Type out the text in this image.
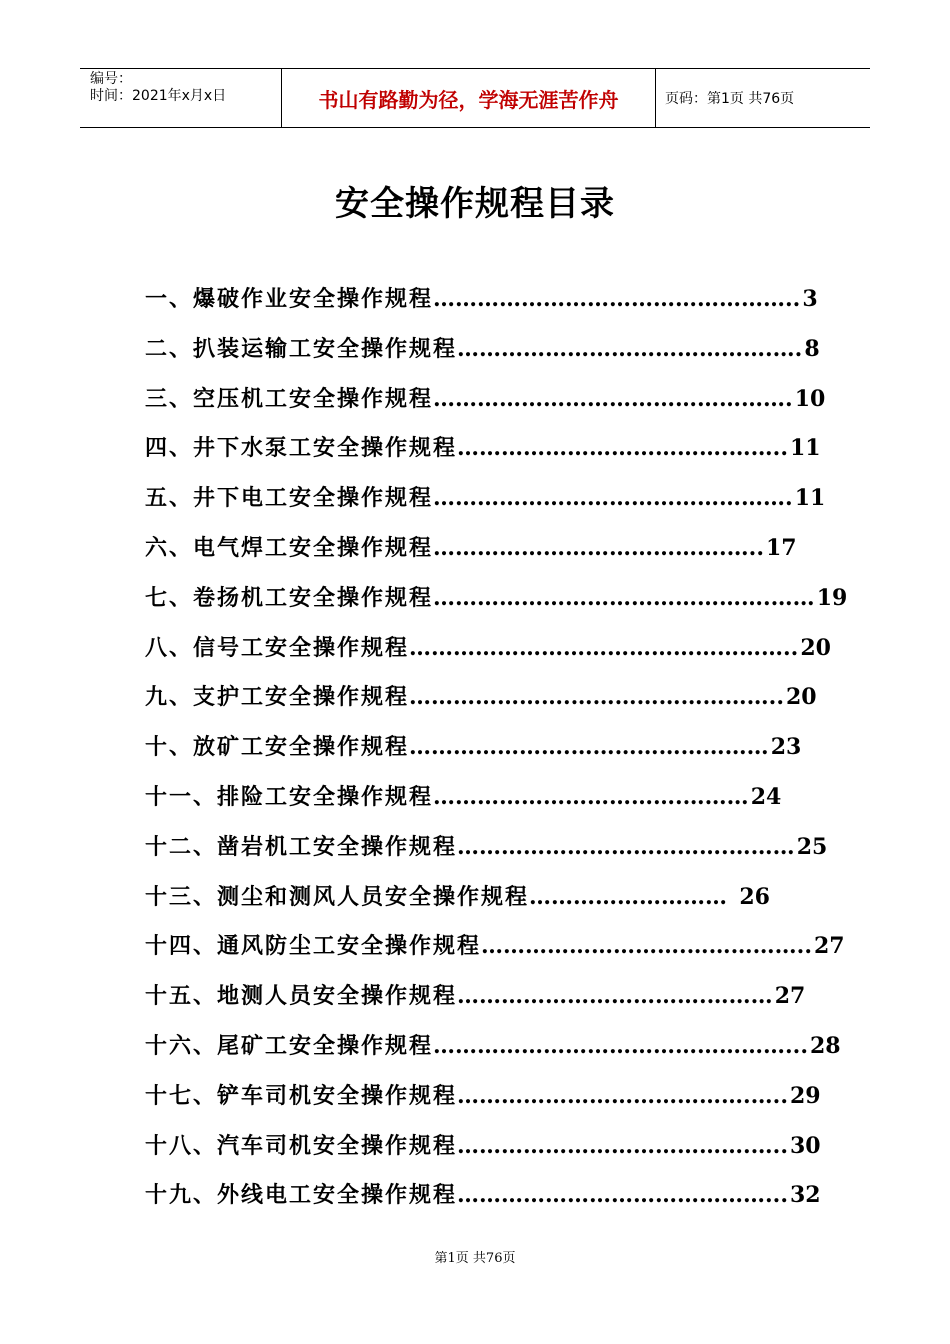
编号：
时间：2021年x月x日	书山有路勤为径，学海无涯苦作舟	页码：第1页 共76页
安全操作规程目录
一、爆破作业安全操作规程 ………………………………………….. 3
二、扒装运输工安全操作规程 …………………………………….…. 8
三、空压机工安全操作规程 …………………………………………. 10
四、井下水泵工安全操作规程 ……………………………….…….. 11
五、井下电工安全操作规程 …………………………………………. 11
六、电气焊工安全操作规程 ………………………………….….. 17
七、卷扬机工安全操作规程 ……………………………………….…… 19
八、信号工安全操作规程 …………………………………………….. 20
九、支护工安全操作规程 ………………….……………………….. 20
十、放矿工安全操作规程 ………………….……………………… 23
十一、排险工安全操作规程 …………………………….……… 24
十二、凿岩机工安全操作规程 ……………………………….……… 25
十三、测尘和测风人员安全操作规程 ……………………… 26
十四、通风防尘工安全操作规程 ……………………….…………….. 27
十五、地测人员安全操作规程 …………………………….……… 27
十六、尾矿工安全操作规程 …………………………………………... 28
十七、铲车司机安全操作规程 ………………………………….….. 29
十八、汽车司机安全操作规程 ………………………………….….. 30
十九、外线电工安全操作规程 ……………………………………... 32
第1页 共76页
